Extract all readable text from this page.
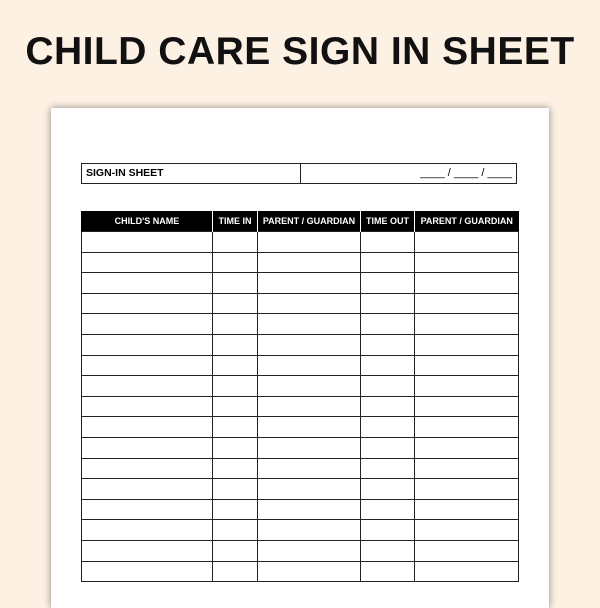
CHILD CARE SIGN IN SHEET
SIGN-IN SHEET	____ / ____ / ____
CHILD'S NAME	TIME IN	PARENT / GUARDIAN	TIME OUT	PARENT / GUARDIAN
